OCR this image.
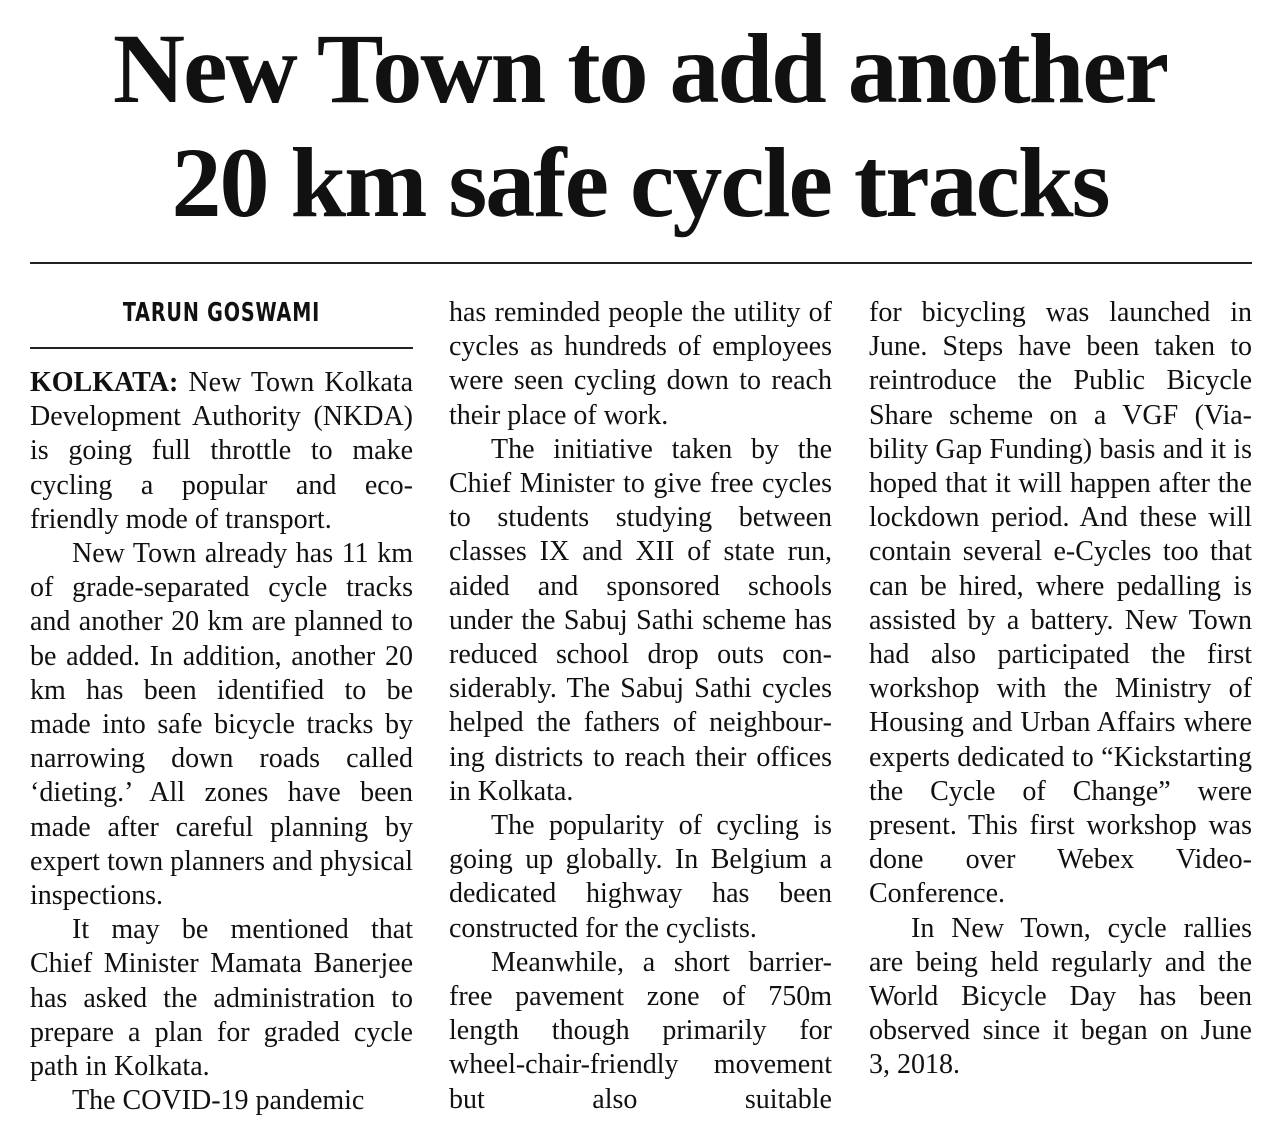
New Town to add another
20 km safe cycle tracks
TARUN GOSWAMI

KOLKATA: New Town Kolkata Development Authority (NKDA) is going full throttle to make cycling a popular and eco-friendly mode of transport.

New Town already has 11 km of grade-separated cycle tracks and another 20 km are planned to be added. In addition, another 20 km has been identified to be made into safe bicycle tracks by narrowing down roads called ‘dieting.’ All zones have been made after careful planning by expert town planners and physical inspections.

It may be mentioned that Chief Minister Mamata Banerjee has asked the administration to prepare a plan for graded cycle path in Kolkata.

The COVID-19 pandemic

has reminded people the utility of cycles as hundreds of employees were seen cycling down to reach their place of work.

The initiative taken by the Chief Minister to give free cycles to students studying between classes IX and XII of state run, aided and sponsored schools under the Sabuj Sathi scheme has reduced school drop outs considerably. The Sabuj Sathi cycles helped the fathers of neighbouring districts to reach their offices in Kolkata.

The popularity of cycling is going up globally. In Belgium a dedicated highway has been constructed for the cyclists.

Meanwhile, a short barrier-free pavement zone of 750m length though primarily for wheel-chair-friendly movement but also suitable

for bicycling was launched in June. Steps have been taken to reintroduce the Public Bicycle Share scheme on a VGF (Viability Gap Funding) basis and it is hoped that it will happen after the lockdown period. And these will contain several e-Cycles too that can be hired, where pedalling is assisted by a battery. New Town had also participated the first workshop with the Ministry of Housing and Urban Affairs where experts dedicated to “Kickstarting the Cycle of Change” were present. This first workshop was done over Webex Video-Conference.

In New Town, cycle rallies are being held regularly and the World Bicycle Day has been observed since it began on June 3, 2018.
